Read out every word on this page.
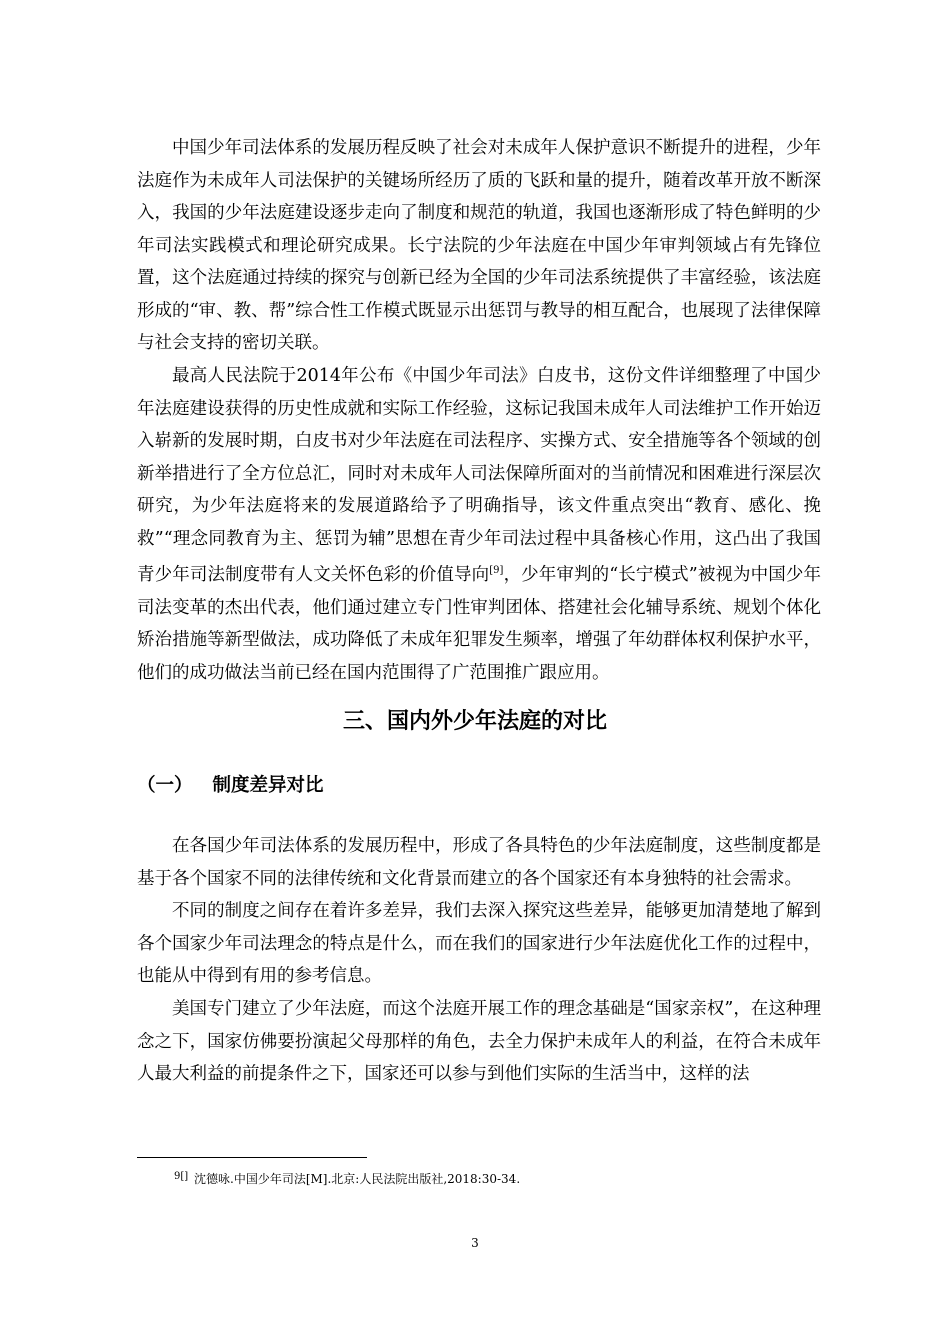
中国少年司法体系的发展历程反映了社会对未成年人保护意识不断提升的进程，少年法庭作为未成年人司法保护的关键场所经历了质的飞跃和量的提升，随着改革开放不断深入，我国的少年法庭建设逐步走向了制度和规范的轨道，我国也逐渐形成了特色鲜明的少年司法实践模式和理论研究成果。长宁法院的少年法庭在中国少年审判领域占有先锋位置，这个法庭通过持续的探究与创新已经为全国的少年司法系统提供了丰富经验，该法庭形成的“审、教、帮”综合性工作模式既显示出惩罚与教导的相互配合，也展现了法律保障与社会支持的密切关联。

最高人民法院于2014年公布《中国少年司法》白皮书，这份文件详细整理了中国少年法庭建设获得的历史性成就和实际工作经验，这标记我国未成年人司法维护工作开始迈入崭新的发展时期，白皮书对少年法庭在司法程序、实操方式、安全措施等各个领域的创新举措进行了全方位总汇，同时对未成年人司法保障所面对的当前情况和困难进行深层次研究，为少年法庭将来的发展道路给予了明确指导，该文件重点突出“教育、感化、挽救”“理念同教育为主、惩罚为辅”思想在青少年司法过程中具备核心作用，这凸出了我国青少年司法制度带有人文关怀色彩的价值导向[9]，少年审判的“长宁模式”被视为中国少年司法变革的杰出代表，他们通过建立专门性审判团体、搭建社会化辅导系统、规划个体化矫治措施等新型做法，成功降低了未成年犯罪发生频率，增强了年幼群体权利保护水平，他们的成功做法当前已经在国内范围得了广范围推广跟应用。

三、国内外少年法庭的对比
（一） 制度差异对比

在各国少年司法体系的发展历程中，形成了各具特色的少年法庭制度，这些制度都是基于各个国家不同的法律传统和文化背景而建立的各个国家还有本身独特的社会需求。

不同的制度之间存在着许多差异，我们去深入探究这些差异，能够更加清楚地了解到各个国家少年司法理念的特点是什么，而在我们的国家进行少年法庭优化工作的过程中，也能从中得到有用的参考信息。

美国专门建立了少年法庭，而这个法庭开展工作的理念基础是“国家亲权”，在这种理念之下，国家仿佛要扮演起父母那样的角色，去全力保护未成年人的利益，在符合未成年人最大利益的前提条件之下，国家还可以参与到他们实际的生活当中，这样的法

$^{9[]}$ 沈德咏.中国少年司法[M].北京:人民法院出版社,2018:30-34.

3
